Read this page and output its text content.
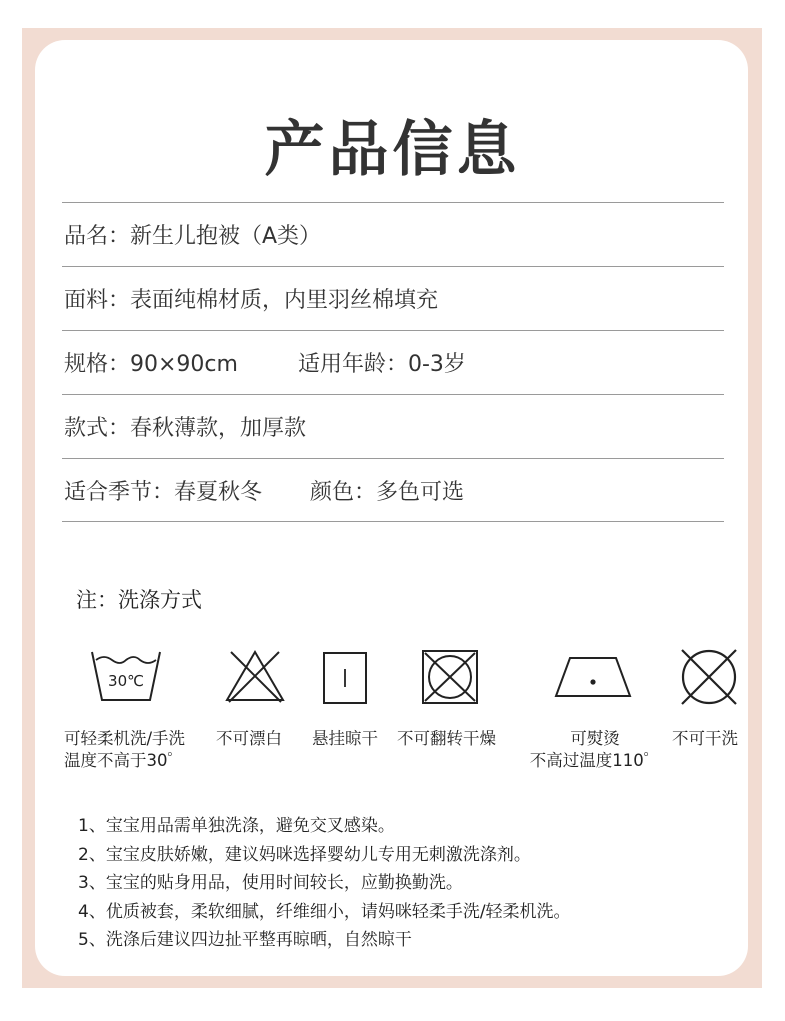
产品信息
品名：新生儿抱被（A类）
面料：表面纯棉材质，内里羽丝棉填充
规格：90×90cm	适用年龄：0-3岁
款式：春秋薄款，加厚款
适合季节：春夏秋冬 颜色：多色可选
注：洗涤方式
30℃
可轻柔机洗/手洗
温度不高于30゜
不可漂白 悬挂晾干 不可翻转干燥	可熨烫
不高过温度110゜
不可干洗
1、宝宝用品需单独洗涤，避免交叉感染。
2、宝宝皮肤娇嫩，建议妈咪选择婴幼儿专用无刺激洗涤剂。
3、宝宝的贴身用品，使用时间较长，应勤换勤洗。
4、优质被套，柔软细腻，纤维细小，请妈咪轻柔手洗/轻柔机洗。
5、洗涤后建议四边扯平整再晾晒，自然晾干
